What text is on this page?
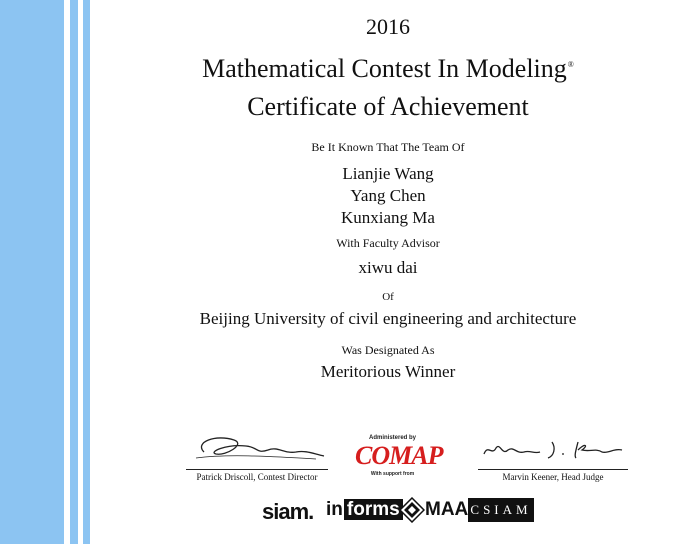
2016
Mathematical Contest In Modeling®
Certificate of Achievement
Be It Known That The Team Of
Lianjie Wang
Yang Chen
Kunxiang Ma
With Faculty Advisor
xiwu dai
Of
Beijing University of civil engineering and architecture
Was Designated As
Meritorious Winner
Patrick Driscoll, Contest Director
Administered by
COMAP
With support from	Marvin Keener, Head Judge
siam. in forms	MAA CSIAM
